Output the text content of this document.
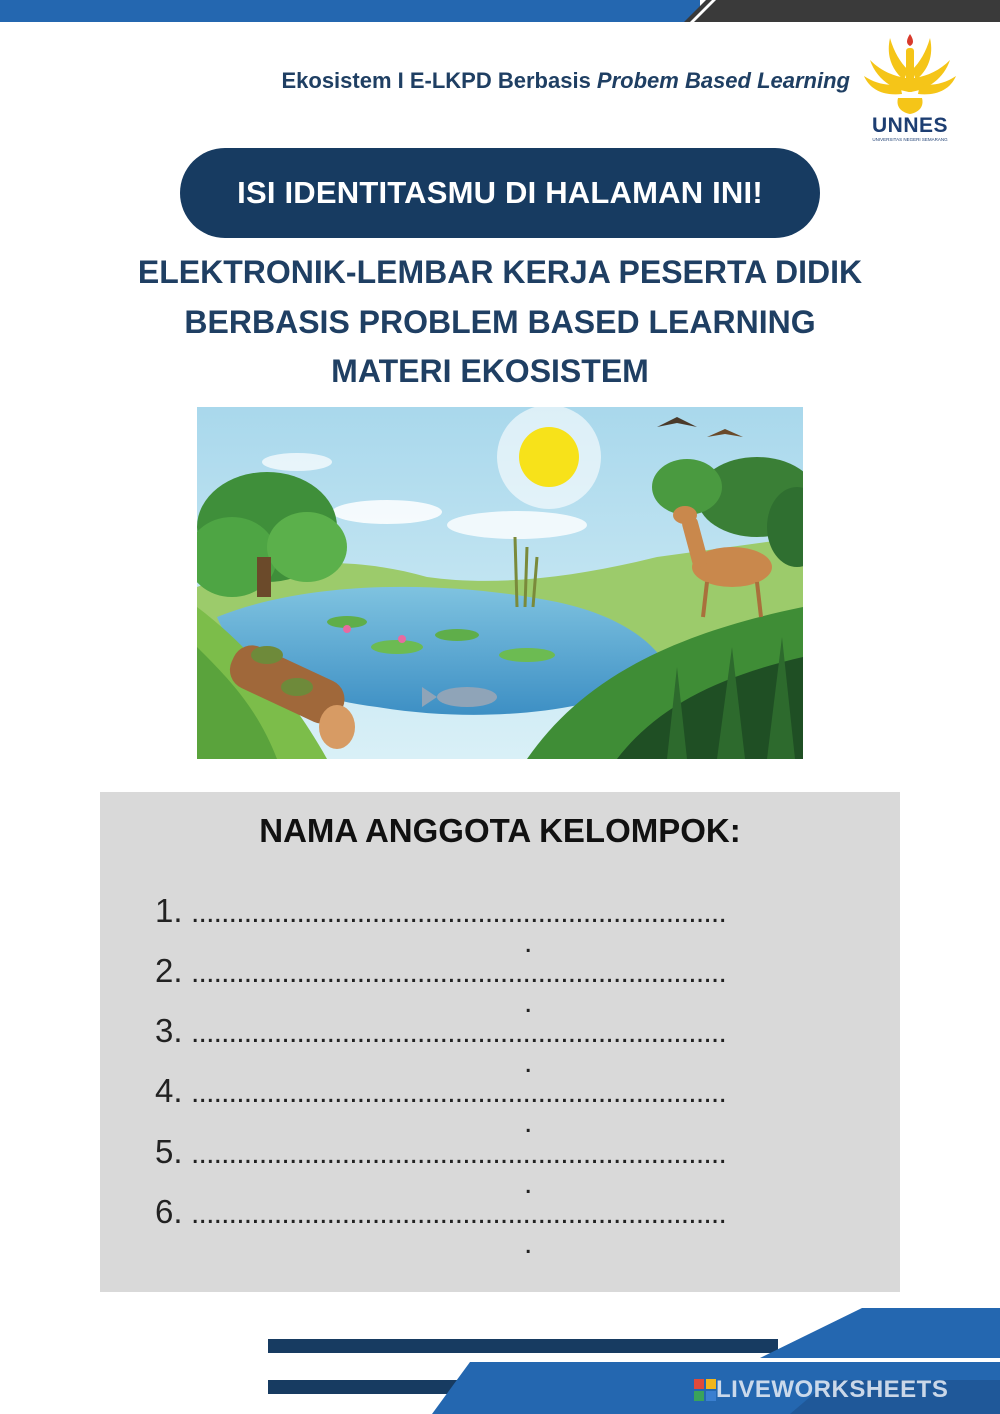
Ekosistem I E-LKPD Berbasis Probem Based Learning
UNNES
UNIVERSITAS NEGERI SEMARANG
ISI IDENTITASMU DI HALAMAN INI!
ELEKTRONIK-LEMBAR KERJA PESERTA DIDIK
BERBASIS PROBLEM BASED LEARNING
MATERI EKOSISTEM
NAMA ANGGOTA KELOMPOK:
1. .......................................................................
.
2. .......................................................................
.
3. .......................................................................
.
4. .......................................................................
.
5. .......................................................................
.
6. .......................................................................
.
LIVEWORKSHEETS
